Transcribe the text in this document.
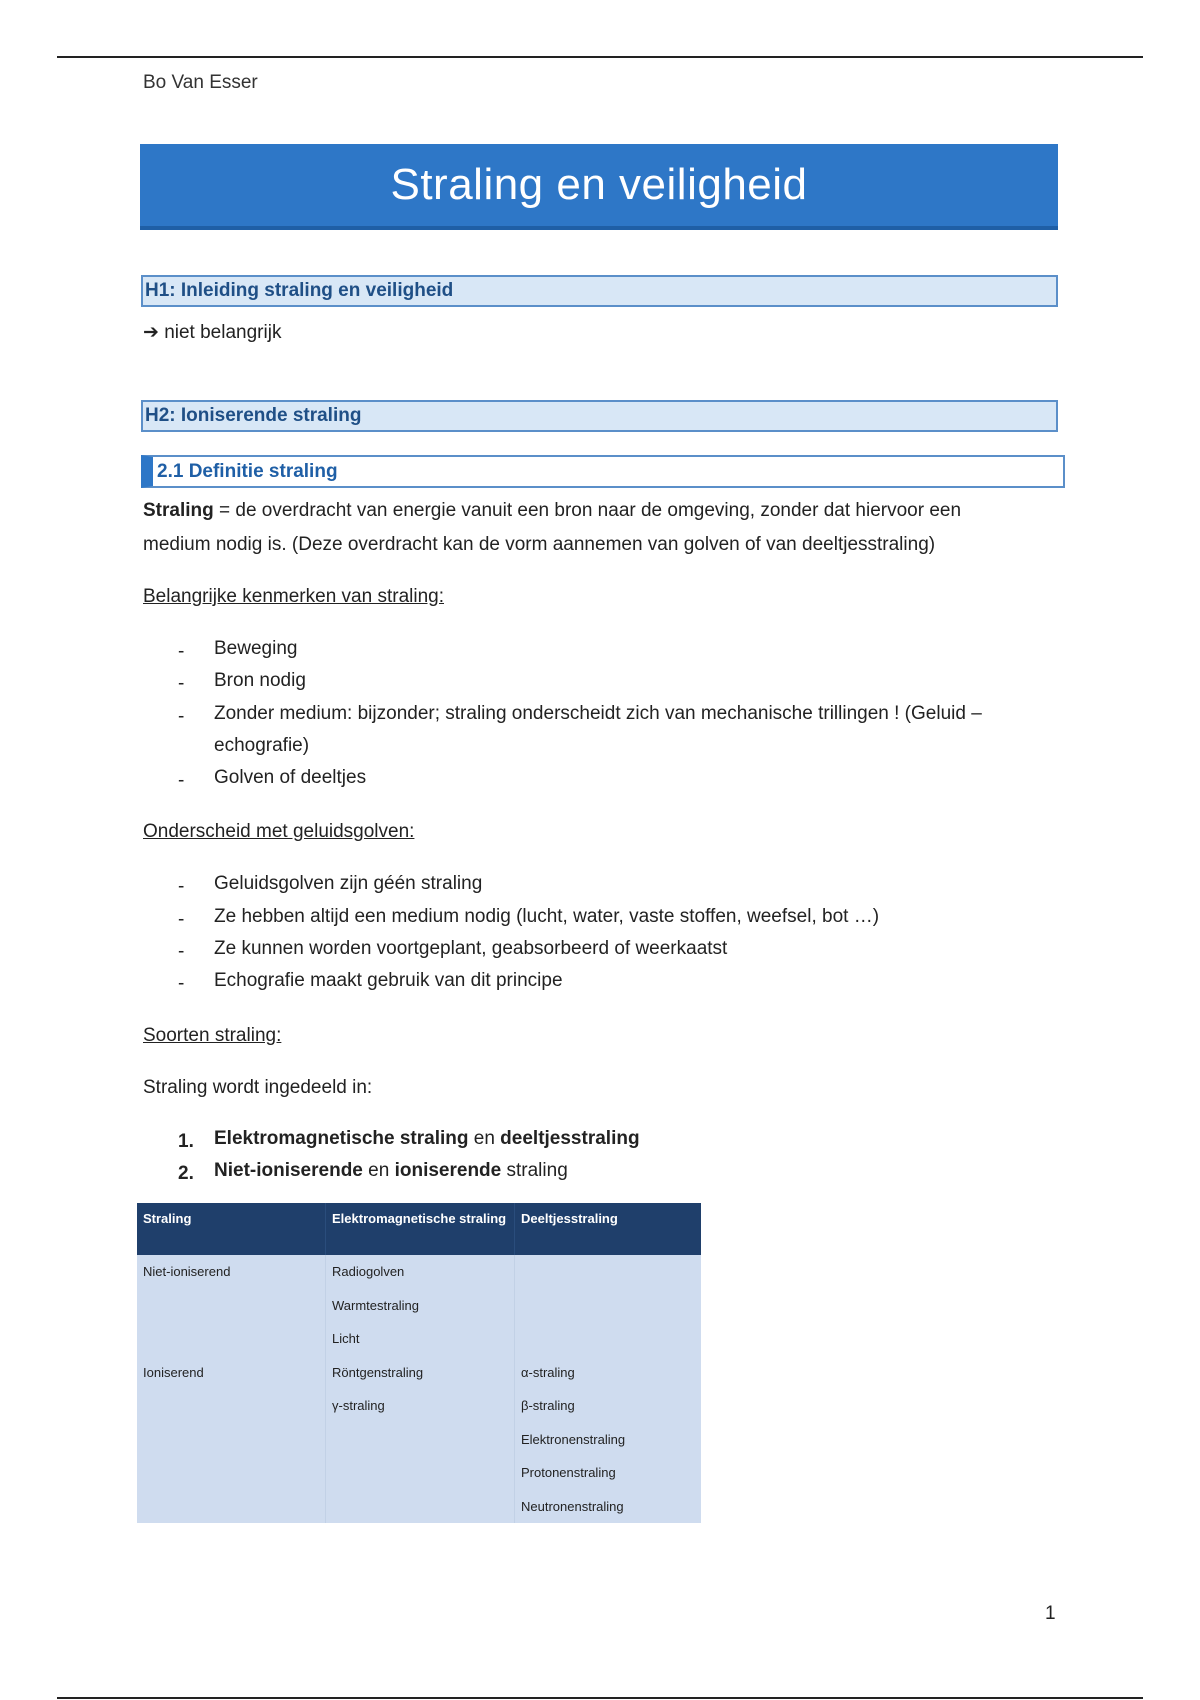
Bo Van Esser
Straling en veiligheid
H1: Inleiding straling en veiligheid
➔ niet belangrijk
H2: Ioniserende straling
2.1 Definitie straling
Straling = de overdracht van energie vanuit een bron naar de omgeving, zonder dat hiervoor een
medium nodig is. (Deze overdracht kan de vorm aannemen van golven of van deeltjesstraling)
Belangrijke kenmerken van straling:
- Beweging
- Bron nodig
- Zonder medium: bijzonder; straling onderscheidt zich van mechanische trillingen ! (Geluid –
echografie)
- Golven of deeltjes
Onderscheid met geluidsgolven:
- Geluidsgolven zijn géén straling
- Ze hebben altijd een medium nodig (lucht, water, vaste stoffen, weefsel, bot …)
- Ze kunnen worden voortgeplant, geabsorbeerd of weerkaatst
- Echografie maakt gebruik van dit principe
Soorten straling:
Straling wordt ingedeeld in:
1. Elektromagnetische straling en deeltjesstraling
2. Niet-ioniserende en ioniserende straling
Straling	Elektromagnetische straling	Deeltjesstraling
Niet-ioniserend	Radiogolven	
	Warmtestraling	
	Licht	
Ioniserend	Röntgenstraling	α-straling
	γ-straling	β-straling
		Elektronenstraling
		Protonenstraling
		Neutronenstraling
1
